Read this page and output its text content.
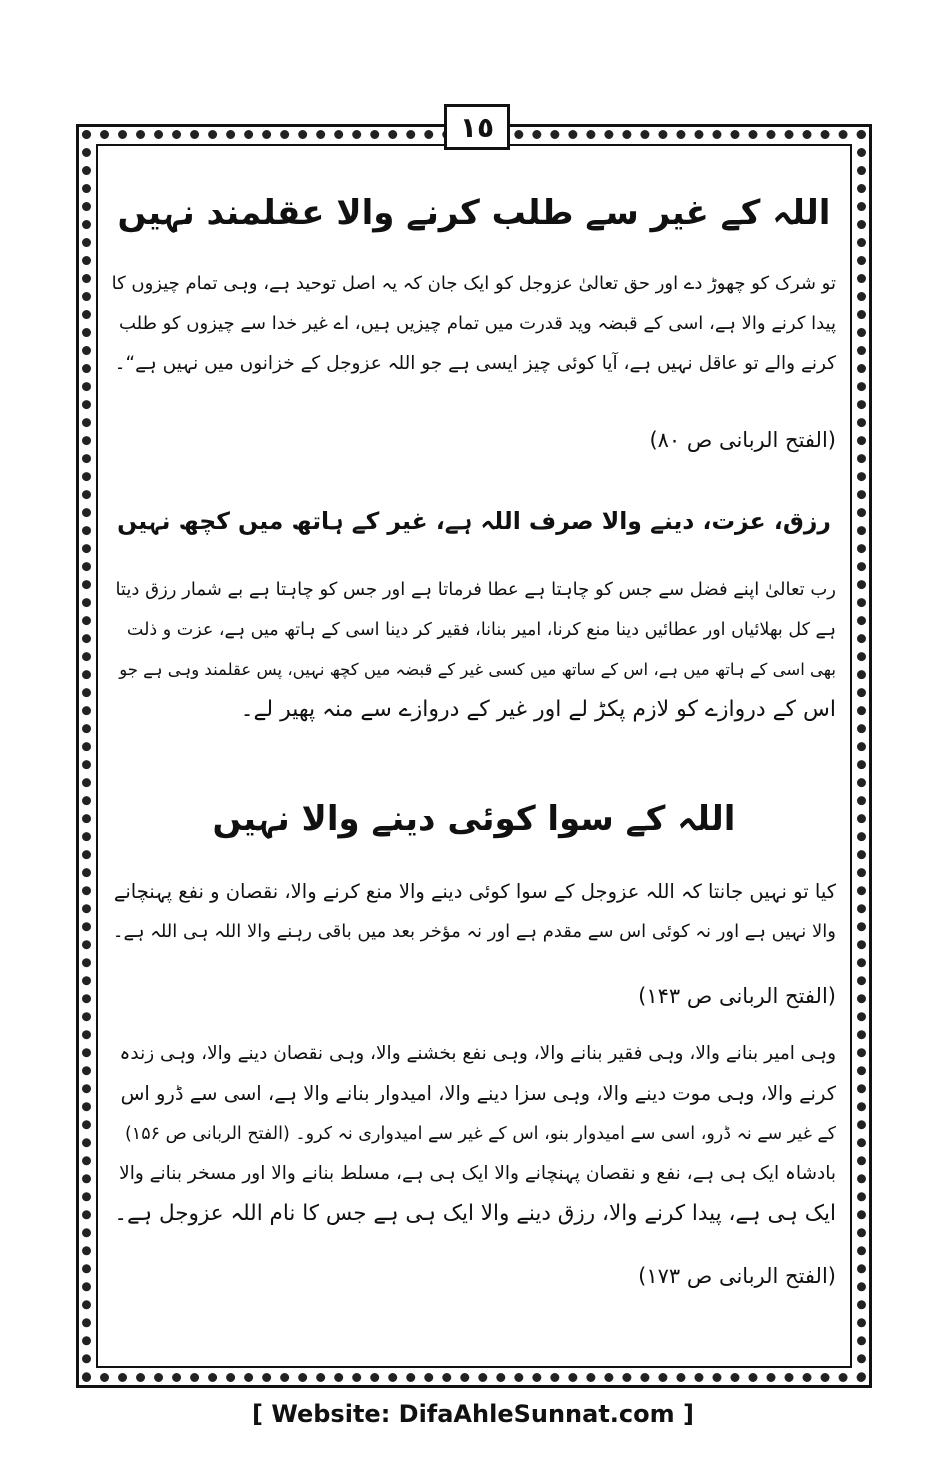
١٥
اللہ کے غیر سے طلب کرنے والا عقلمند نہیں
تو شرک کو چھوڑ دے اور حق تعالیٰ عزوجل کو ایک جان کہ یہ اصل توحید ہے، وہی تمام چیزوں کا
پیدا کرنے والا ہے، اسی کے قبضہ وید قدرت میں تمام چیزیں ہیں، اے غیر خدا سے چیزوں کو طلب
کرنے والے تو عاقل نہیں ہے، آیا کوئی چیز ایسی ہے جو اللہ عزوجل کے خزانوں میں نہیں ہے“۔
(الفتح الربانی ص ۸۰)
رزق، عزت، دینے والا صرف اللہ ہے، غیر کے ہاتھ میں کچھ نہیں
رب تعالیٰ اپنے فضل سے جس کو چاہتا ہے عطا فرماتا ہے اور جس کو چاہتا ہے بے شمار رزق دیتا
ہے کل بھلائیاں اور عطائیں دینا منع کرنا، امیر بنانا، فقیر کر دینا اسی کے ہاتھ میں ہے، عزت و ذلت
بھی اسی کے ہاتھ میں ہے، اس کے ساتھ میں کسی غیر کے قبضہ میں کچھ نہیں، پس عقلمند وہی ہے جو
اس کے دروازے کو لازم پکڑ لے اور غیر کے دروازے سے منہ پھیر لے۔
اللہ کے سوا کوئی دینے والا نہیں
کیا تو نہیں جانتا کہ اللہ عزوجل کے سوا کوئی دینے والا منع کرنے والا، نقصان و نفع پہنچانے
والا نہیں ہے اور نہ کوئی اس سے مقدم ہے اور نہ مؤخر بعد میں باقی رہنے والا اللہ ہی اللہ ہے۔
(الفتح الربانی ص ۱۴۳)
وہی امیر بنانے والا، وہی فقیر بنانے والا، وہی نفع بخشنے والا، وہی نقصان دینے والا، وہی زندہ
کرنے والا، وہی موت دینے والا، وہی سزا دینے والا، امیدوار بنانے والا ہے، اسی سے ڈرو اس
کے غیر سے نہ ڈرو، اسی سے امیدوار بنو، اس کے غیر سے امیدواری نہ کرو۔ (الفتح الربانی ص ۱۵۶)
بادشاہ ایک ہی ہے، نفع و نقصان پہنچانے والا ایک ہی ہے، مسلط بنانے والا اور مسخر بنانے والا
ایک ہی ہے، پیدا کرنے والا، رزق دینے والا ایک ہی ہے جس کا نام اللہ عزوجل ہے۔
(الفتح الربانی ص ۱۷۳)
[ Website: DifaAhleSunnat.com ]
